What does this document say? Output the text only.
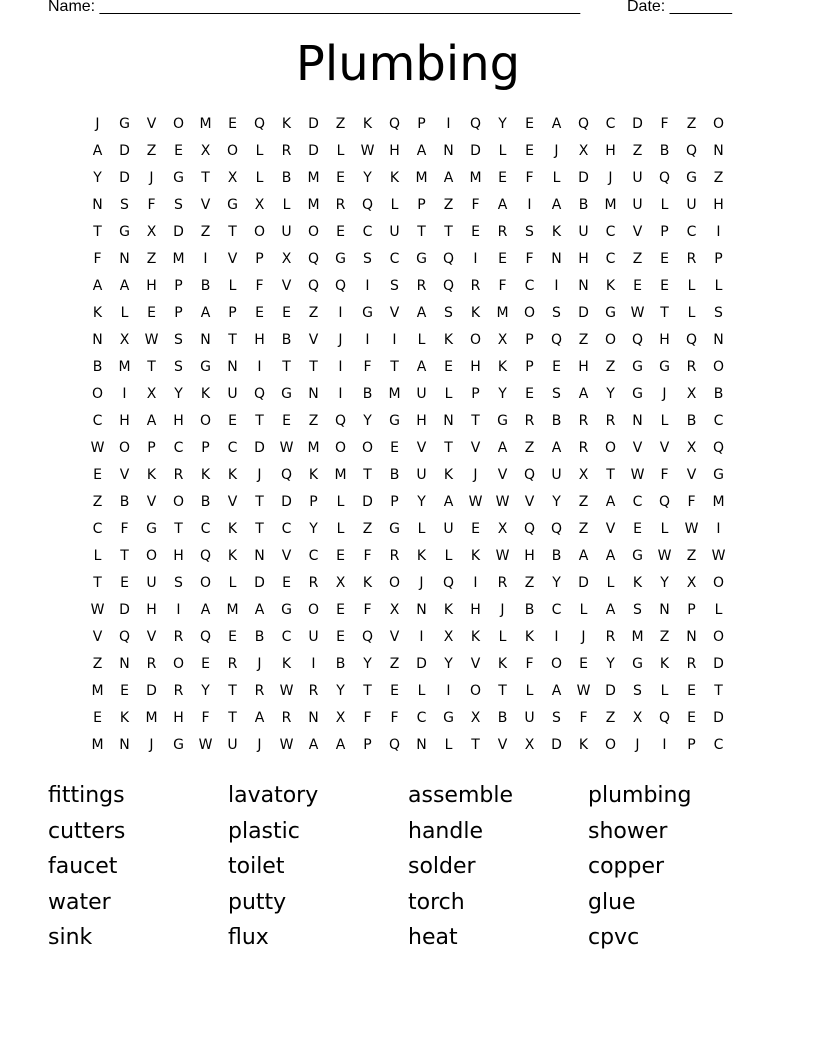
Name: ______________________________________________________	Date: _______
Plumbing
J	G	V	O	M	E	Q	K	D	Z	K	Q	P	I	Q	Y	E	A	Q	C	D	F	Z	O
A	D	Z	E	X	O	L	R	D	L	W	H	A	N	D	L	E	J	X	H	Z	B	Q	N
Y	D	J	G	T	X	L	B	M	E	Y	K	M	A	M	E	F	L	D	J	U	Q	G	Z
N	S	F	S	V	G	X	L	M	R	Q	L	P	Z	F	A	I	A	B	M	U	L	U	H
T	G	X	D	Z	T	O	U	O	E	C	U	T	T	E	R	S	K	U	C	V	P	C	I
F	N	Z	M	I	V	P	X	Q	G	S	C	G	Q	I	E	F	N	H	C	Z	E	R	P
A	A	H	P	B	L	F	V	Q	Q	I	S	R	Q	R	F	C	I	N	K	E	E	L	L
K	L	E	P	A	P	E	E	Z	I	G	V	A	S	K	M	O	S	D	G	W	T	L	S
N	X	W	S	N	T	H	B	V	J	I	I	L	K	O	X	P	Q	Z	O	Q	H	Q	N
B	M	T	S	G	N	I	T	T	I	F	T	A	E	H	K	P	E	H	Z	G	G	R	O
O	I	X	Y	K	U	Q	G	N	I	B	M	U	L	P	Y	E	S	A	Y	G	J	X	B
C	H	A	H	O	E	T	E	Z	Q	Y	G	H	N	T	G	R	B	R	R	N	L	B	C
W	O	P	C	P	C	D	W	M	O	O	E	V	T	V	A	Z	A	R	O	V	V	X	Q
E	V	K	R	K	K	J	Q	K	M	T	B	U	K	J	V	Q	U	X	T	W	F	V	G
Z	B	V	O	B	V	T	D	P	L	D	P	Y	A	W W	V	Y	Z	A	C	Q	F	M
C	F	G	T	C	K	T	C	Y	L	Z	G	L	U	E	X	Q	Q	Z	V	E	L	W	I
L	T	O	H	Q	K	N	V	C	E	F	R	K	L	K	W	H	B	A	A	G	W	Z	W
T	E	U	S	O	L	D	E	R	X	K	O	J	Q	I	R	Z	Y	D	L	K	Y	X	O
W	D	H	I	A	M	A	G	O	E	F	X	N	K	H	J	B	C	L	A	S	N	P	L
V	Q	V	R	Q	E	B	C	U	E	Q	V	I	X	K	L	K	I	J	R	M	Z	N	O
Z	N	R	O	E	R	J	K	I	B	Y	Z	D	Y	V	K	F	O	E	Y	G	K	R	D
M	E	D	R	Y	T	R	W	R	Y	T	E	L	I	O	T	L	A	W	D	S	L	E	T
E	K	M	H	F	T	A	R	N	X	F	F	C	G	X	B	U	S	F	Z	X	Q	E	D
M	N	J	G	W	U	J	W	A	A	P	Q	N	L	T	V	X	D	K	O	J	I	P	C
fittings	lavatory	assemble	plumbing
cutters	plastic	handle	shower
faucet	toilet	solder	copper
water	putty	torch	glue
sink	flux	heat	cpvc
